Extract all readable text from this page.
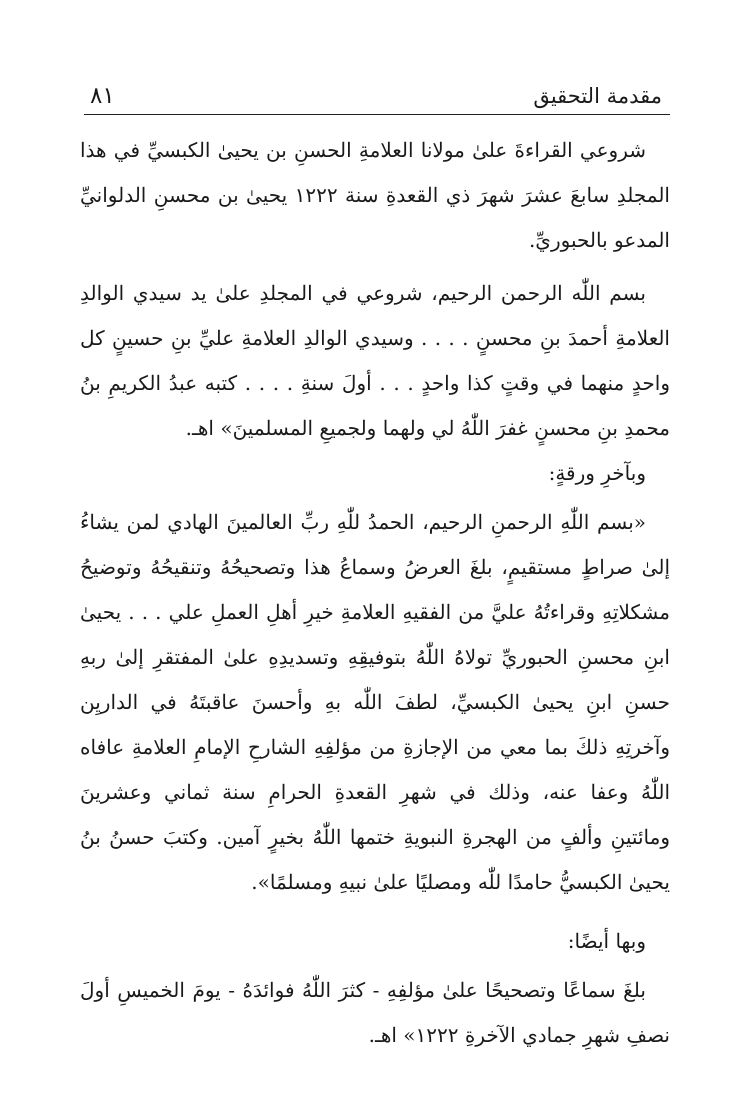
مقدمة التحقيق
٨١

شروعي القراءةَ علىٰ مولانا العلامةِ الحسنِ بن يحيىٰ الكبسيِّ في هذا المجلدِ سابعَ عشرَ شهرَ ذي القعدةِ سنة ١٢٢٢ يحيىٰ بن محسنِ الدلوانيِّ المدعو بالحبوريِّ.

بسم اللّٰه الرحمن الرحيم، شروعي في المجلدِ علىٰ يد سيدي الوالدِ العلامةِ أحمدَ بنِ محسنٍ . . . . وسيدي الوالدِ العلامةِ عليِّ بنِ حسينٍ كل واحدٍ منهما في وقتٍ كذا واحدٍ . . . أولَ سنةِ . . . . كتبه عبدُ الكريمِ بنُ محمدِ بنِ محسنٍ غفرَ اللّٰهُ لي ولهما ولجميعِ المسلمينَ» اهـ.

وبآخرِ ورقةٍ:

«بسم اللّٰهِ الرحمنِ الرحيم، الحمدُ للّٰهِ ربِّ العالمينَ الهادي لمن يشاءُ إلىٰ صراطٍ مستقيمٍ، بلغَ العرضُ وسماعُ هذا وتصحيحُهُ وتنقيحُهُ وتوضيحُ مشكلاتِهِ وقراءتُهُ عليَّ من الفقيهِ العلامةِ خيرِ أهلِ العملِ علي . . . يحيىٰ ابنِ محسنِ الحبوريِّ تولاهُ اللّٰهُ بتوفيقِهِ وتسديدِهِ علىٰ المفتقرِ إلىٰ ربهِ حسنِ ابنِ يحيىٰ الكبسيِّ، لطفَ اللّٰه بهِ وأحسنَ عاقبتَهُ في الداريِن وآخرتِهِ ذلكَ بما معي من الإجازةِ من مؤلفِهِ الشارحِ الإمامِ العلامةِ عافاه اللّٰهُ وعفا عنه، وذلك في شهرِ القعدةِ الحرامِ سنة ثماني وعشرينَ ومائتينِ وألفٍ من الهجرةِ النبويةِ ختمها اللّٰهُ بخيرٍ آمين. وكتبَ حسنُ بنُ يحيىٰ الكبسيُّ حامدًا للّٰه ومصليًا علىٰ نبيهِ ومسلمًا».

وبها أيضًا:

بلغَ سماعًا وتصحيحًا علىٰ مؤلفِهِ - كثرَ اللّٰهُ فوائدَهُ - يومَ الخميسِ أولَ نصفِ شهرِ جمادي الآخرةِ ١٢٢٢» اهـ.
